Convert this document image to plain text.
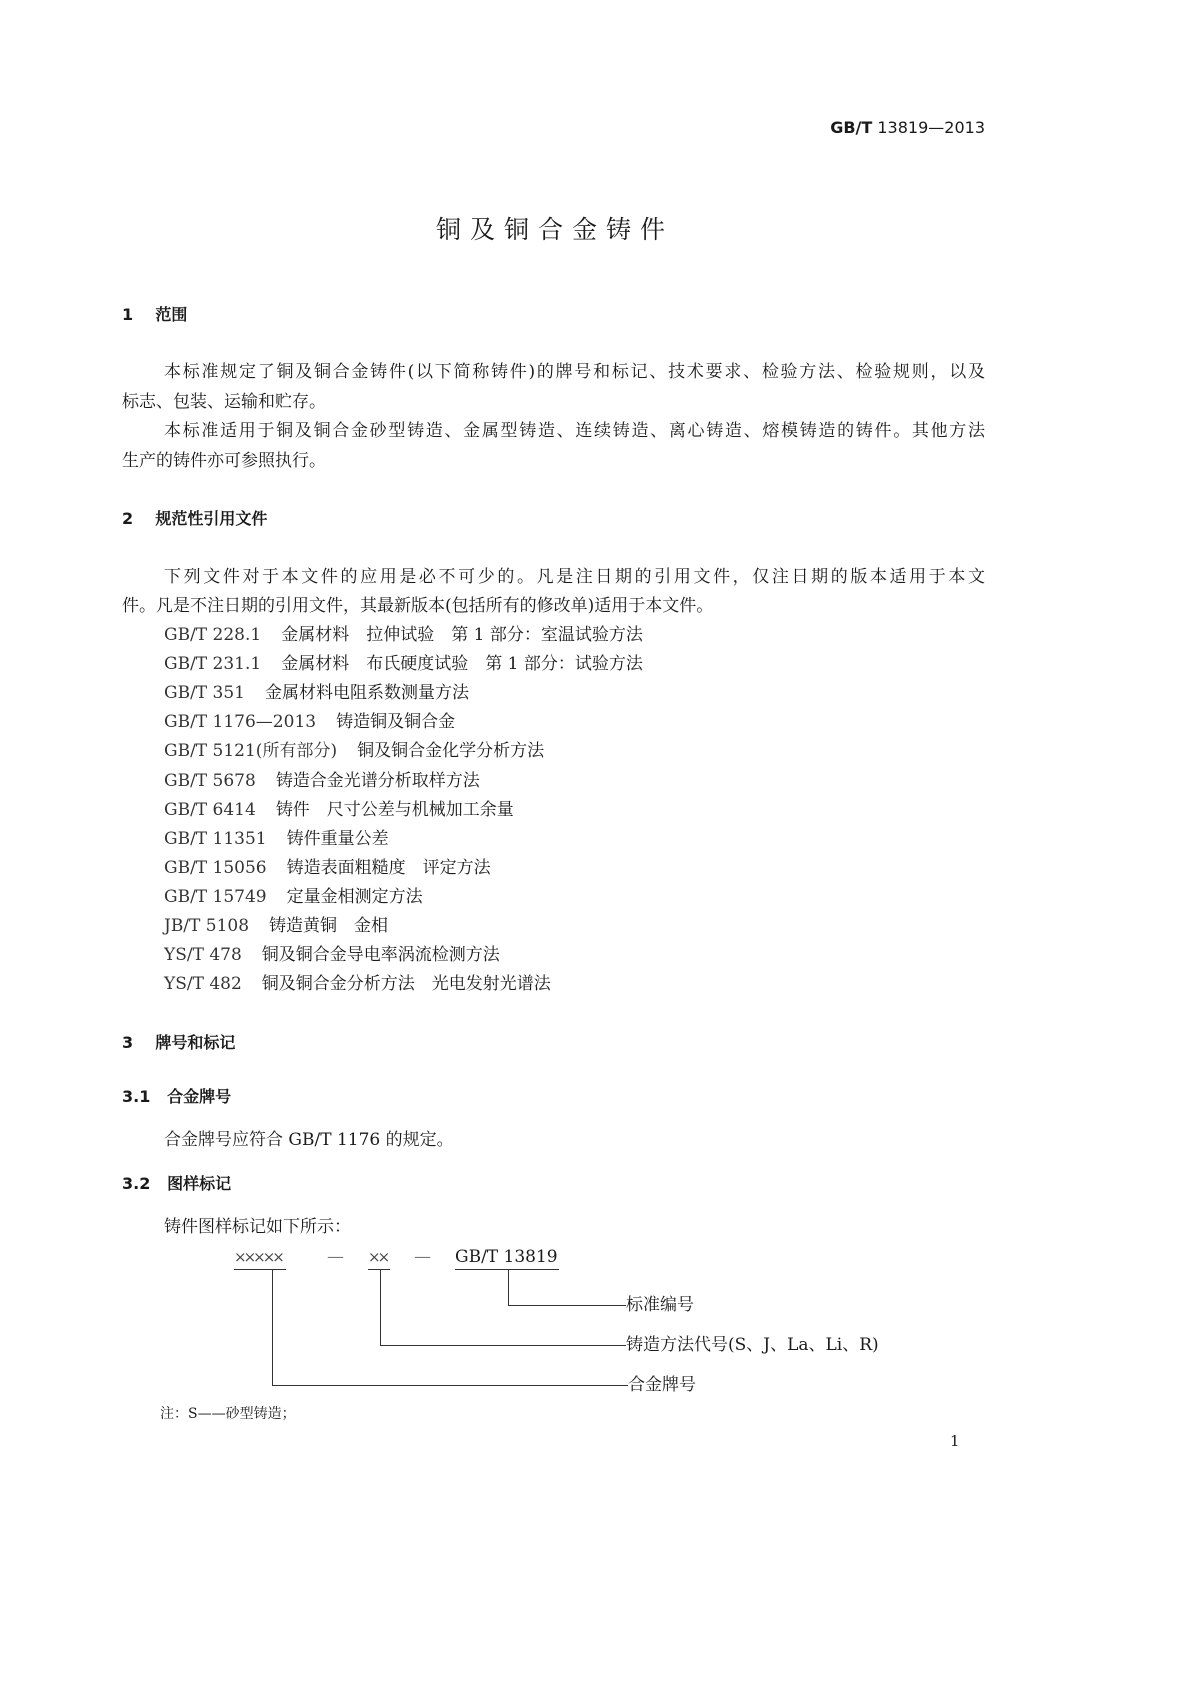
GB/T 13819—2013
铜及铜合金铸件
1 范围
本标准规定了铜及铜合金铸件(以下简称铸件)的牌号和标记、技术要求、检验方法、检验规则，以及
标志、包装、运输和贮存。
本标准适用于铜及铜合金砂型铸造、金属型铸造、连续铸造、离心铸造、熔模铸造的铸件。其他方法
生产的铸件亦可参照执行。
2 规范性引用文件
下列文件对于本文件的应用是必不可少的。凡是注日期的引用文件，仅注日期的版本适用于本文
件。凡是不注日期的引用文件，其最新版本(包括所有的修改单)适用于本文件。
GB/T 228.1 金属材料　拉伸试验　第 1 部分：室温试验方法
GB/T 231.1 金属材料　布氏硬度试验　第 1 部分：试验方法
GB/T 351 金属材料电阻系数测量方法
GB/T 1176—2013 铸造铜及铜合金
GB/T 5121(所有部分) 铜及铜合金化学分析方法
GB/T 5678 铸造合金光谱分析取样方法
GB/T 6414 铸件　尺寸公差与机械加工余量
GB/T 11351 铸件重量公差
GB/T 15056 铸造表面粗糙度　评定方法
GB/T 15749 定量金相测定方法
JB/T 5108 铸造黄铜　金相
YS/T 478 铜及铜合金导电率涡流检测方法
YS/T 482 铜及铜合金分析方法　光电发射光谱法
3 牌号和标记
3.1 合金牌号
合金牌号应符合 GB/T 1176 的规定。
3.2 图样标记
铸件图样标记如下所示：
×××××	— ×× — GB/T 13819
标准编号
铸造方法代号(S、J、La、Li、R)
合金牌号
注：S——砂型铸造；
1
